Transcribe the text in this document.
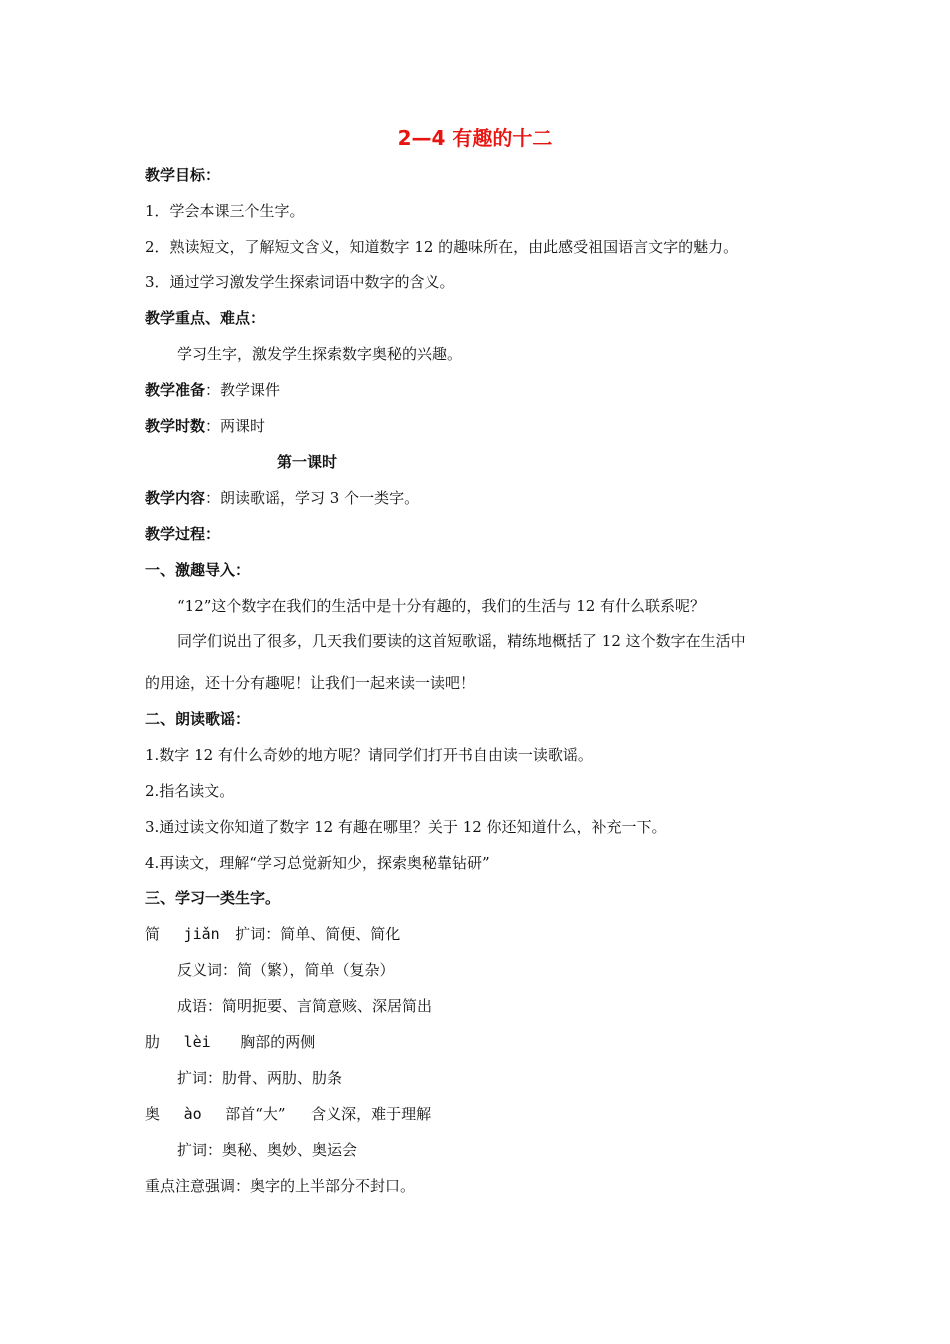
2—4 有趣的十二
教学目标：
1．学会本课三个生字。
2．熟读短文，了解短文含义，知道数字 12 的趣味所在，由此感受祖国语言文字的魅力。
3．通过学习激发学生探索词语中数字的含义。
教学重点、难点：
学习生字，激发学生探索数字奥秘的兴趣。
教学准备：教学课件
教学时数：两课时
第一课时
教学内容：朗读歌谣，学习 3 个一类字。
教学过程：
一、激趣导入：
“12”这个数字在我们的生活中是十分有趣的，我们的生活与 12 有什么联系呢？
同学们说出了很多，几天我们要读的这首短歌谣，精练地概括了 12 这个数字在生活中
的用途，还十分有趣呢！让我们一起来读一读吧！
二、朗读歌谣：
1.数字 12 有什么奇妙的地方呢？请同学们打开书自由读一读歌谣。
2.指名读文。
3.通过读文你知道了数字 12 有趣在哪里？关于 12 你还知道什么，补充一下。
4.再读文，理解“学习总觉新知少，探索奥秘靠钻研”
三、学习一类生字。
简 jiǎn 扩词：简单、简便、简化
反义词：简（繁），简单（复杂）
成语：简明扼要、言简意赅、深居简出
肋 lèi 胸部的两侧
扩词：肋骨、两肋、肋条
奥 ào 部首“大” 含义深，难于理解
扩词：奥秘、奥妙、奥运会
重点注意强调：奥字的上半部分不封口。
